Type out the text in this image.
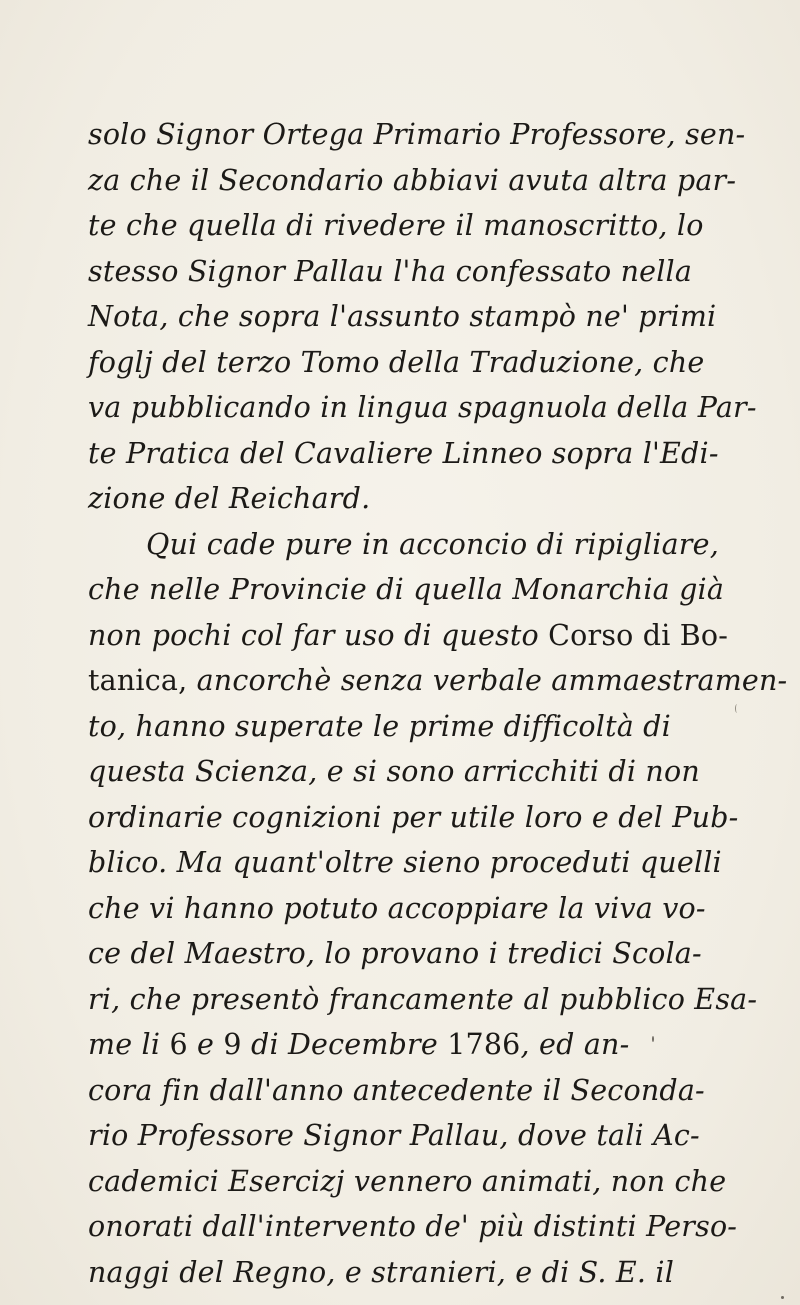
solo Signor Ortega Primario Professore, sen-
za che il Secondario abbiavi avuta altra par-
te che quella di rivedere il manoscritto, lo
stesso Signor Pallau l'ha confessato nella
Nota, che sopra l'assunto stampò ne' primi
foglj del terzo Tomo della Traduzione, che
va pubblicando in lingua spagnuola della Par-
te Pratica del Cavaliere Linneo sopra l'Edi-
zione del Reichard.
Qui cade pure in acconcio di ripigliare,
che nelle Provincie di quella Monarchia già
non pochi col far uso di questo Corso di Bo-
tanica, ancorchè senza verbale ammaestramen-
to, hanno superate le prime difficoltà di
questa Scienza, e si sono arricchiti di non
ordinarie cognizioni per utile loro e del Pub-
blico. Ma quant'oltre sieno proceduti quelli
che vi hanno potuto accoppiare la viva vo-
ce del Maestro, lo provano i tredici Scola-
ri, che presentò francamente al pubblico Esa-
me li 6 e 9 di Decembre 1786, ed an-
cora fin dall'anno antecedente il Seconda-
rio Professore Signor Pallau, dove tali Ac-
cademici Esercizj vennero animati, non che
onorati dall'intervento de' più distinti Perso-
naggi del Regno, e stranieri, e di S. E. il
